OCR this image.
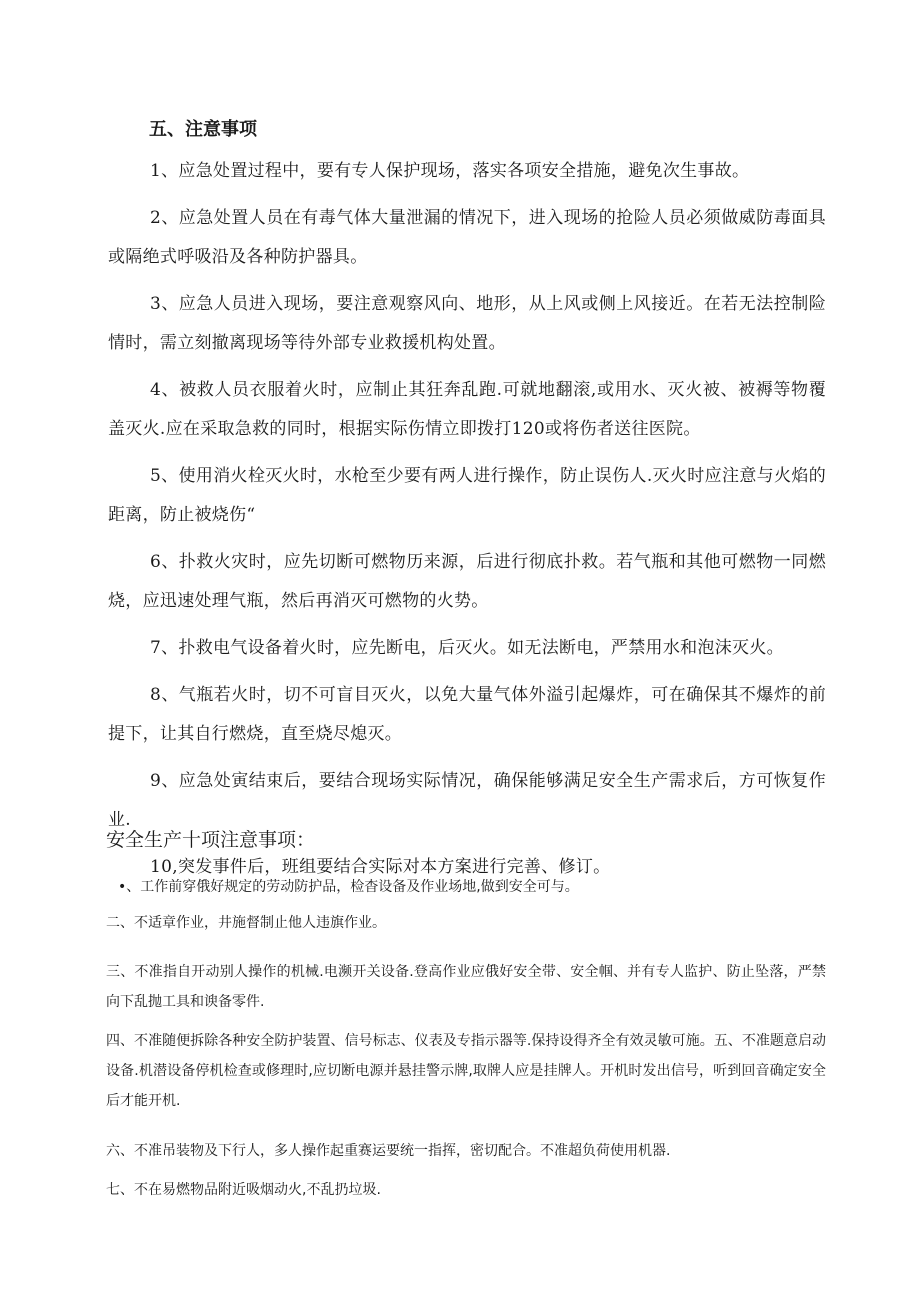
五、注意事项

1、应急处置过程中，要有专人保护现场，落实各项安全措施，避免次生事故。

2、应急处置人员在有毒气体大量泄漏的情况下，进入现场的抢险人员必须做威防毒面具或隔绝式呼吸沿及各种防护器具。

3、应急人员进入现场，要注意观察风向、地形，从上风或侧上风接近。在若无法控制险情时，需立刻撤离现场等待外部专业救援机构处置。

4、被救人员衣服着火时，应制止其狂奔乱跑.可就地翻滚,或用水、灭火被、被褥等物覆盖灭火.应在采取急救的同时，根据实际伤情立即拨打120或将伤者送往医院。

5、使用消火栓灭火时，水枪至少要有两人进行操作，防止误伤人.灭火时应注意与火焰的距离，防止被烧伤“

6、扑救火灾时，应先切断可燃物历来源，后进行彻底扑救。若气瓶和其他可燃物一同燃烧，应迅速处理气瓶，然后再消灭可燃物的火势。

7、扑救电气设备着火时，应先断电，后灭火。如无法断电，严禁用水和泡沫灭火。

8、气瓶若火时，切不可盲目灭火，以免大量气体外溢引起爆炸，可在确保其不爆炸的前提下，让其自行燃烧，直至烧尽熄灭。

9、应急处寅结束后，要结合现场实际情况，确保能够满足安全生产需求后，方可恢复作业.

10,突发事件后，班组要结合实际对本方案进行完善、修订。

安全生产十项注意事项：

•、工作前穿俄好规定的劳动防护品，检杳设备及作业场地,做到安全可与。

二、不适章作业，井施督制止他人违旗作业。

三、不准指自开动别人操作的机械.电濒开关设备.登高作业应俄好安全带、安全帼、并有专人监护、防止坠落，严禁向下乱抛工具和谀备零件.

四、不准随便拆除各种安全防护装置、信号标志、仪表及专指示器等.保持设得齐全有效灵敏可施。五、不准题意启动设备.机潜设备停机检查或修理时,应切断电源并悬挂警示牌,取牌人应是挂牌人。开机时发出信号，听到回音确定安全后才能开机.

六、不准吊装物及下行人，多人操作起重赛运要统一指挥，密切配合。不准超负荷使用机器.

七、不在易燃物品附近吸烟动火,不乱扔垃圾.
